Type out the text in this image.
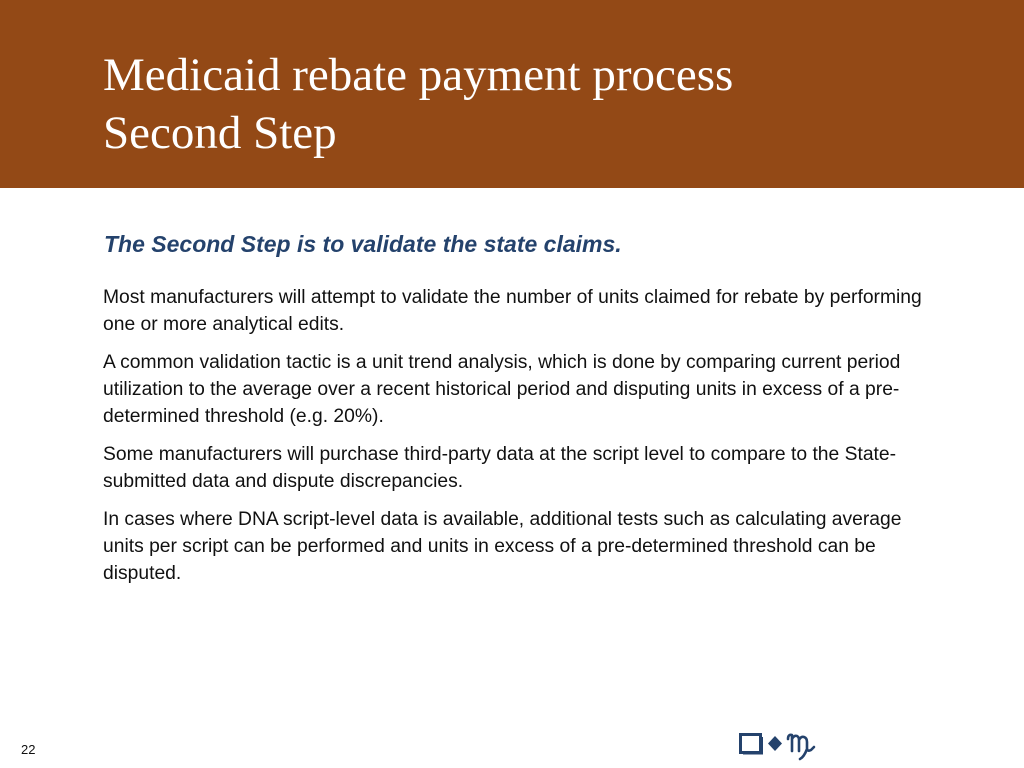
Medicaid rebate payment process
Second Step
The Second Step is to validate the state claims.

Most manufacturers will attempt to validate the number of units claimed for rebate by performing one or more analytical edits.

A common validation tactic is a unit trend analysis, which is done by comparing current period utilization to the average over a recent historical period and disputing units in excess of a pre-determined threshold (e.g. 20%).

Some manufacturers will purchase third-party data at the script level to compare to the State-submitted data and dispute discrepancies.

In cases where DNA script-level data is available, additional tests such as calculating average units per script can be performed and units in excess of a pre-determined threshold can be disputed.

22
